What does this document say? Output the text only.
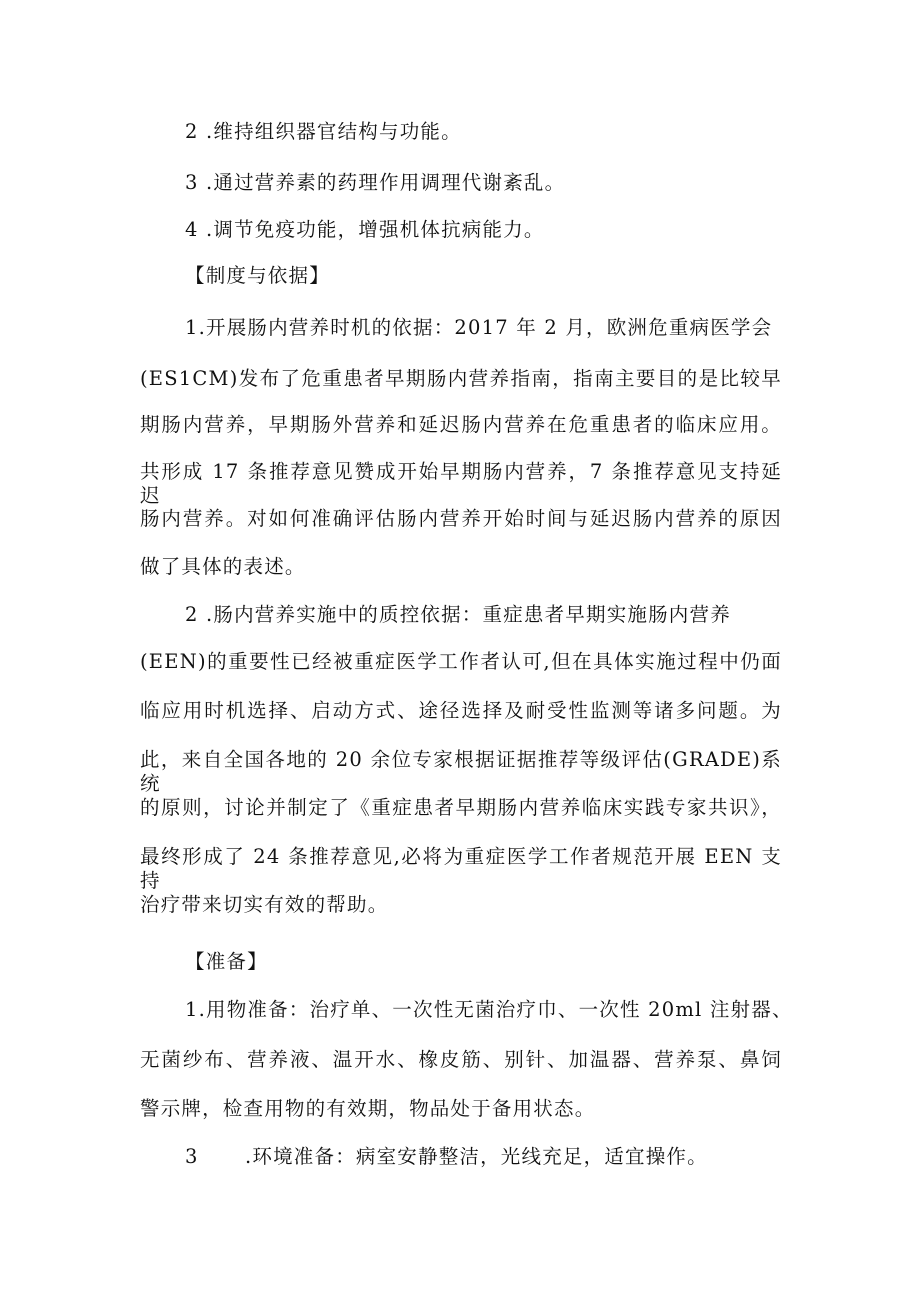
2 .维持组织器官结构与功能。
3 .通过营养素的药理作用调理代谢紊乱。
4 .调节免疫功能，增强机体抗病能力。
【制度与依据】
1.开展肠内营养时机的依据：2017 年 2 月，欧洲危重病医学会
(ES1CM)发布了危重患者早期肠内营养指南，指南主要目的是比较早
期肠内营养，早期肠外营养和延迟肠内营养在危重患者的临床应用。
共形成 17 条推荐意见赞成开始早期肠内营养，7 条推荐意见支持延迟
肠内营养。对如何准确评估肠内营养开始时间与延迟肠内营养的原因
做了具体的表述。
2 .肠内营养实施中的质控依据：重症患者早期实施肠内营养
(EEN)的重要性已经被重症医学工作者认可,但在具体实施过程中仍面
临应用时机选择、启动方式、途径选择及耐受性监测等诸多问题。为
此，来自全国各地的 20 余位专家根据证据推荐等级评估(GRADE)系统
的原则，讨论并制定了《重症患者早期肠内营养临床实践专家共识》，
最终形成了 24 条推荐意见,必将为重症医学工作者规范开展 EEN 支持
治疗带来切实有效的帮助。
【准备】
1.用物准备：治疗单、一次性无菌治疗巾、一次性 20ml 注射器、
无菌纱布、营养液、温开水、橡皮筋、别针、加温器、营养泵、鼻饲
警示牌，检查用物的有效期，物品处于备用状态。
3 .环境准备：病室安静整洁，光线充足，适宜操作。
